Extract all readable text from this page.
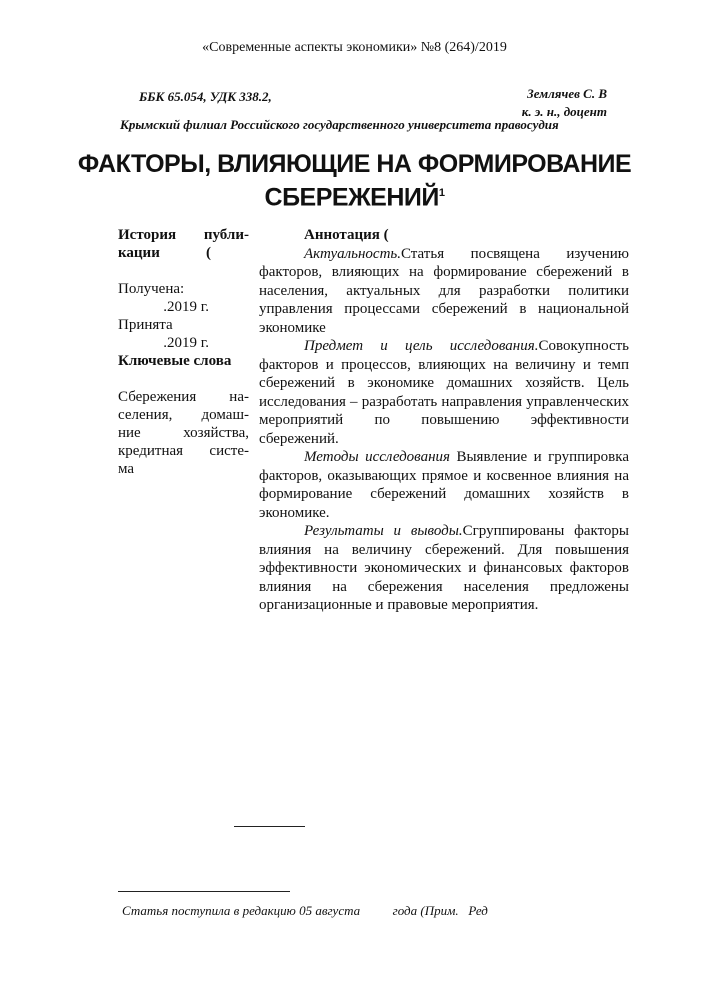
«Современные аспекты экономики» №8 (264)/2019
ББК 65.054, УДК 338.2,	Землячев С. В
к. э. н., доцент
Крымский филиал Российского государственного университета правосудия
ФАКТОРЫ, ВЛИЯЮЩИЕ НА ФОРМИРОВАНИЕ
СБЕРЕЖЕНИЙ$^1$
История публи-
кации (
Получена:
.2019 г.
Принята
.2019 г.
Ключевые слова
Сбережения на-
селения, домаш-
ние хозяйства,
кредитная систе-
ма

Аннотация (

Актуальность.Статья посвящена изучению факторов, влияющих на формирование сбережений в населения, актуальных для разработки политики управления процессами сбережений в национальной экономике

Предмет и цель исследования.Совокупность факторов и процессов, влияющих на величину и темп сбережений в экономике домашних хозяйств. Цель исследования – разработать направления управленческих мероприятий по повышению эффективности сбережений.

Методы исследования Выявление и группировка факторов, оказывающих прямое и косвенное влияния на формирование сбережений домашних хозяйств в экономике.

Результаты и выводы.Сгруппированы факторы влияния на величину сбережений. Для повышения эффективности экономических и финансовых факторов влияния на сбережения населения предложены организационные и правовые мероприятия.

Статья поступила в редакцию 05 августа          года (Прим.   Ред
